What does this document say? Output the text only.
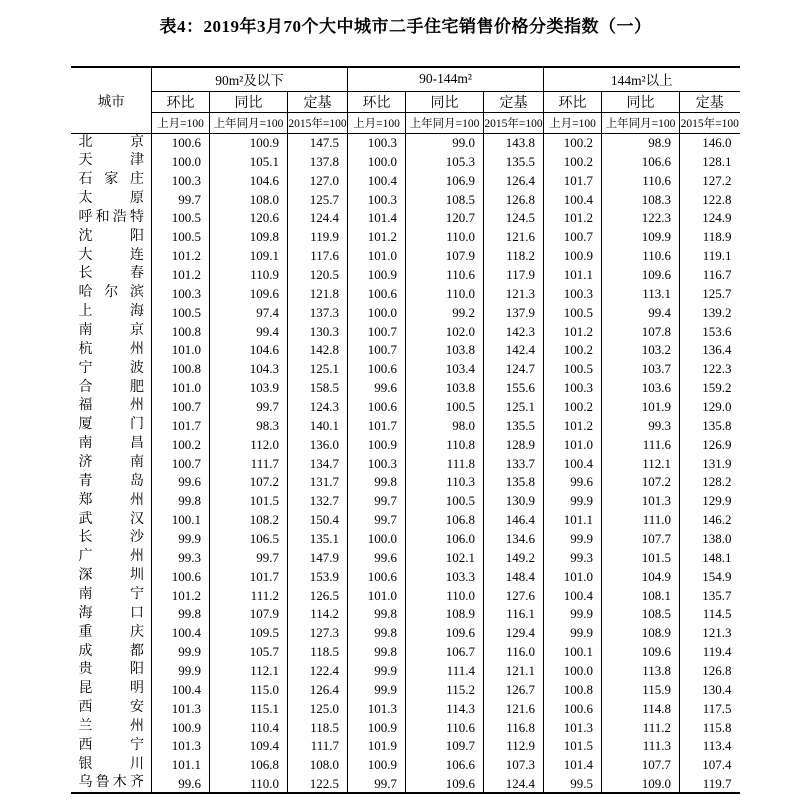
表4：2019年3月70个大中城市二手住宅销售价格分类指数（一）
城市	90m²及以下			90-144m²			144m²以上		
	环比	同比	定基	环比	同比	定基	环比	同比	定基
	上月=100	上年同月=100	2015年=100	上月=100	上年同月=100	2015年=100	上月=100	上年同月=100	2015年=100

北京	100.6	100.9	147.5	100.3	99.0	143.8	100.2	98.9	146.0

天津	100.0	105.1	137.8	100.0	105.3	135.5	100.2	106.6	128.1

石家庄	100.3	104.6	127.0	100.4	106.9	126.4	101.7	110.6	127.2

太原	99.7	108.0	125.7	100.3	108.5	126.8	100.4	108.3	122.8

呼和浩特	100.5	120.6	124.4	101.4	120.7	124.5	101.2	122.3	124.9

沈阳	100.5	109.8	119.9	101.2	110.0	121.6	100.7	109.9	118.9

大连	101.2	109.1	117.6	101.0	107.9	118.2	100.9	110.6	119.1

长春	101.2	110.9	120.5	100.9	110.6	117.9	101.1	109.6	116.7

哈尔滨	100.3	109.6	121.8	100.6	110.0	121.3	100.3	113.1	125.7

上海	100.5	97.4	137.3	100.0	99.2	137.9	100.5	99.4	139.2

南京	100.8	99.4	130.3	100.7	102.0	142.3	101.2	107.8	153.6

杭州	101.0	104.6	142.8	100.7	103.8	142.4	100.2	103.2	136.4

宁波	100.8	104.3	125.1	100.6	103.4	124.7	100.5	103.7	122.3

合肥	101.0	103.9	158.5	99.6	103.8	155.6	100.3	103.6	159.2

福州	100.7	99.7	124.3	100.6	100.5	125.1	100.2	101.9	129.0

厦门	101.7	98.3	140.1	101.7	98.0	135.5	101.2	99.3	135.8

南昌	100.2	112.0	136.0	100.9	110.8	128.9	101.0	111.6	126.9

济南	100.7	111.7	134.7	100.3	111.8	133.7	100.4	112.1	131.9

青岛	99.6	107.2	131.7	99.8	110.3	135.8	99.6	107.2	128.2

郑州	99.8	101.5	132.7	99.7	100.5	130.9	99.9	101.3	129.9

武汉	100.1	108.2	150.4	99.7	106.8	146.4	101.1	111.0	146.2

长沙	99.9	106.5	135.1	100.0	106.0	134.6	99.9	107.7	138.0

广州	99.3	99.7	147.9	99.6	102.1	149.2	99.3	101.5	148.1

深圳	100.6	101.7	153.9	100.6	103.3	148.4	101.0	104.9	154.9

南宁	101.2	111.2	126.5	101.0	110.0	127.6	100.4	108.1	135.7

海口	99.8	107.9	114.2	99.8	108.9	116.1	99.9	108.5	114.5

重庆	100.4	109.5	127.3	99.8	109.6	129.4	99.9	108.9	121.3

成都	99.9	105.7	118.5	99.8	106.7	116.0	100.1	109.6	119.4

贵阳	99.9	112.1	122.4	99.9	111.4	121.1	100.0	113.8	126.8

昆明	100.4	115.0	126.4	99.9	115.2	126.7	100.8	115.9	130.4

西安	101.3	115.1	125.0	101.3	114.3	121.6	100.6	114.8	117.5

兰州	100.9	110.4	118.5	100.9	110.6	116.8	101.3	111.2	115.8

西宁	101.3	109.4	111.7	101.9	109.7	112.9	101.5	111.3	113.4

银川	101.1	106.8	108.0	100.9	106.6	107.3	101.4	107.7	107.4

乌鲁木齐	99.6	110.0	122.5	99.7	109.6	124.4	99.5	109.0	119.7
